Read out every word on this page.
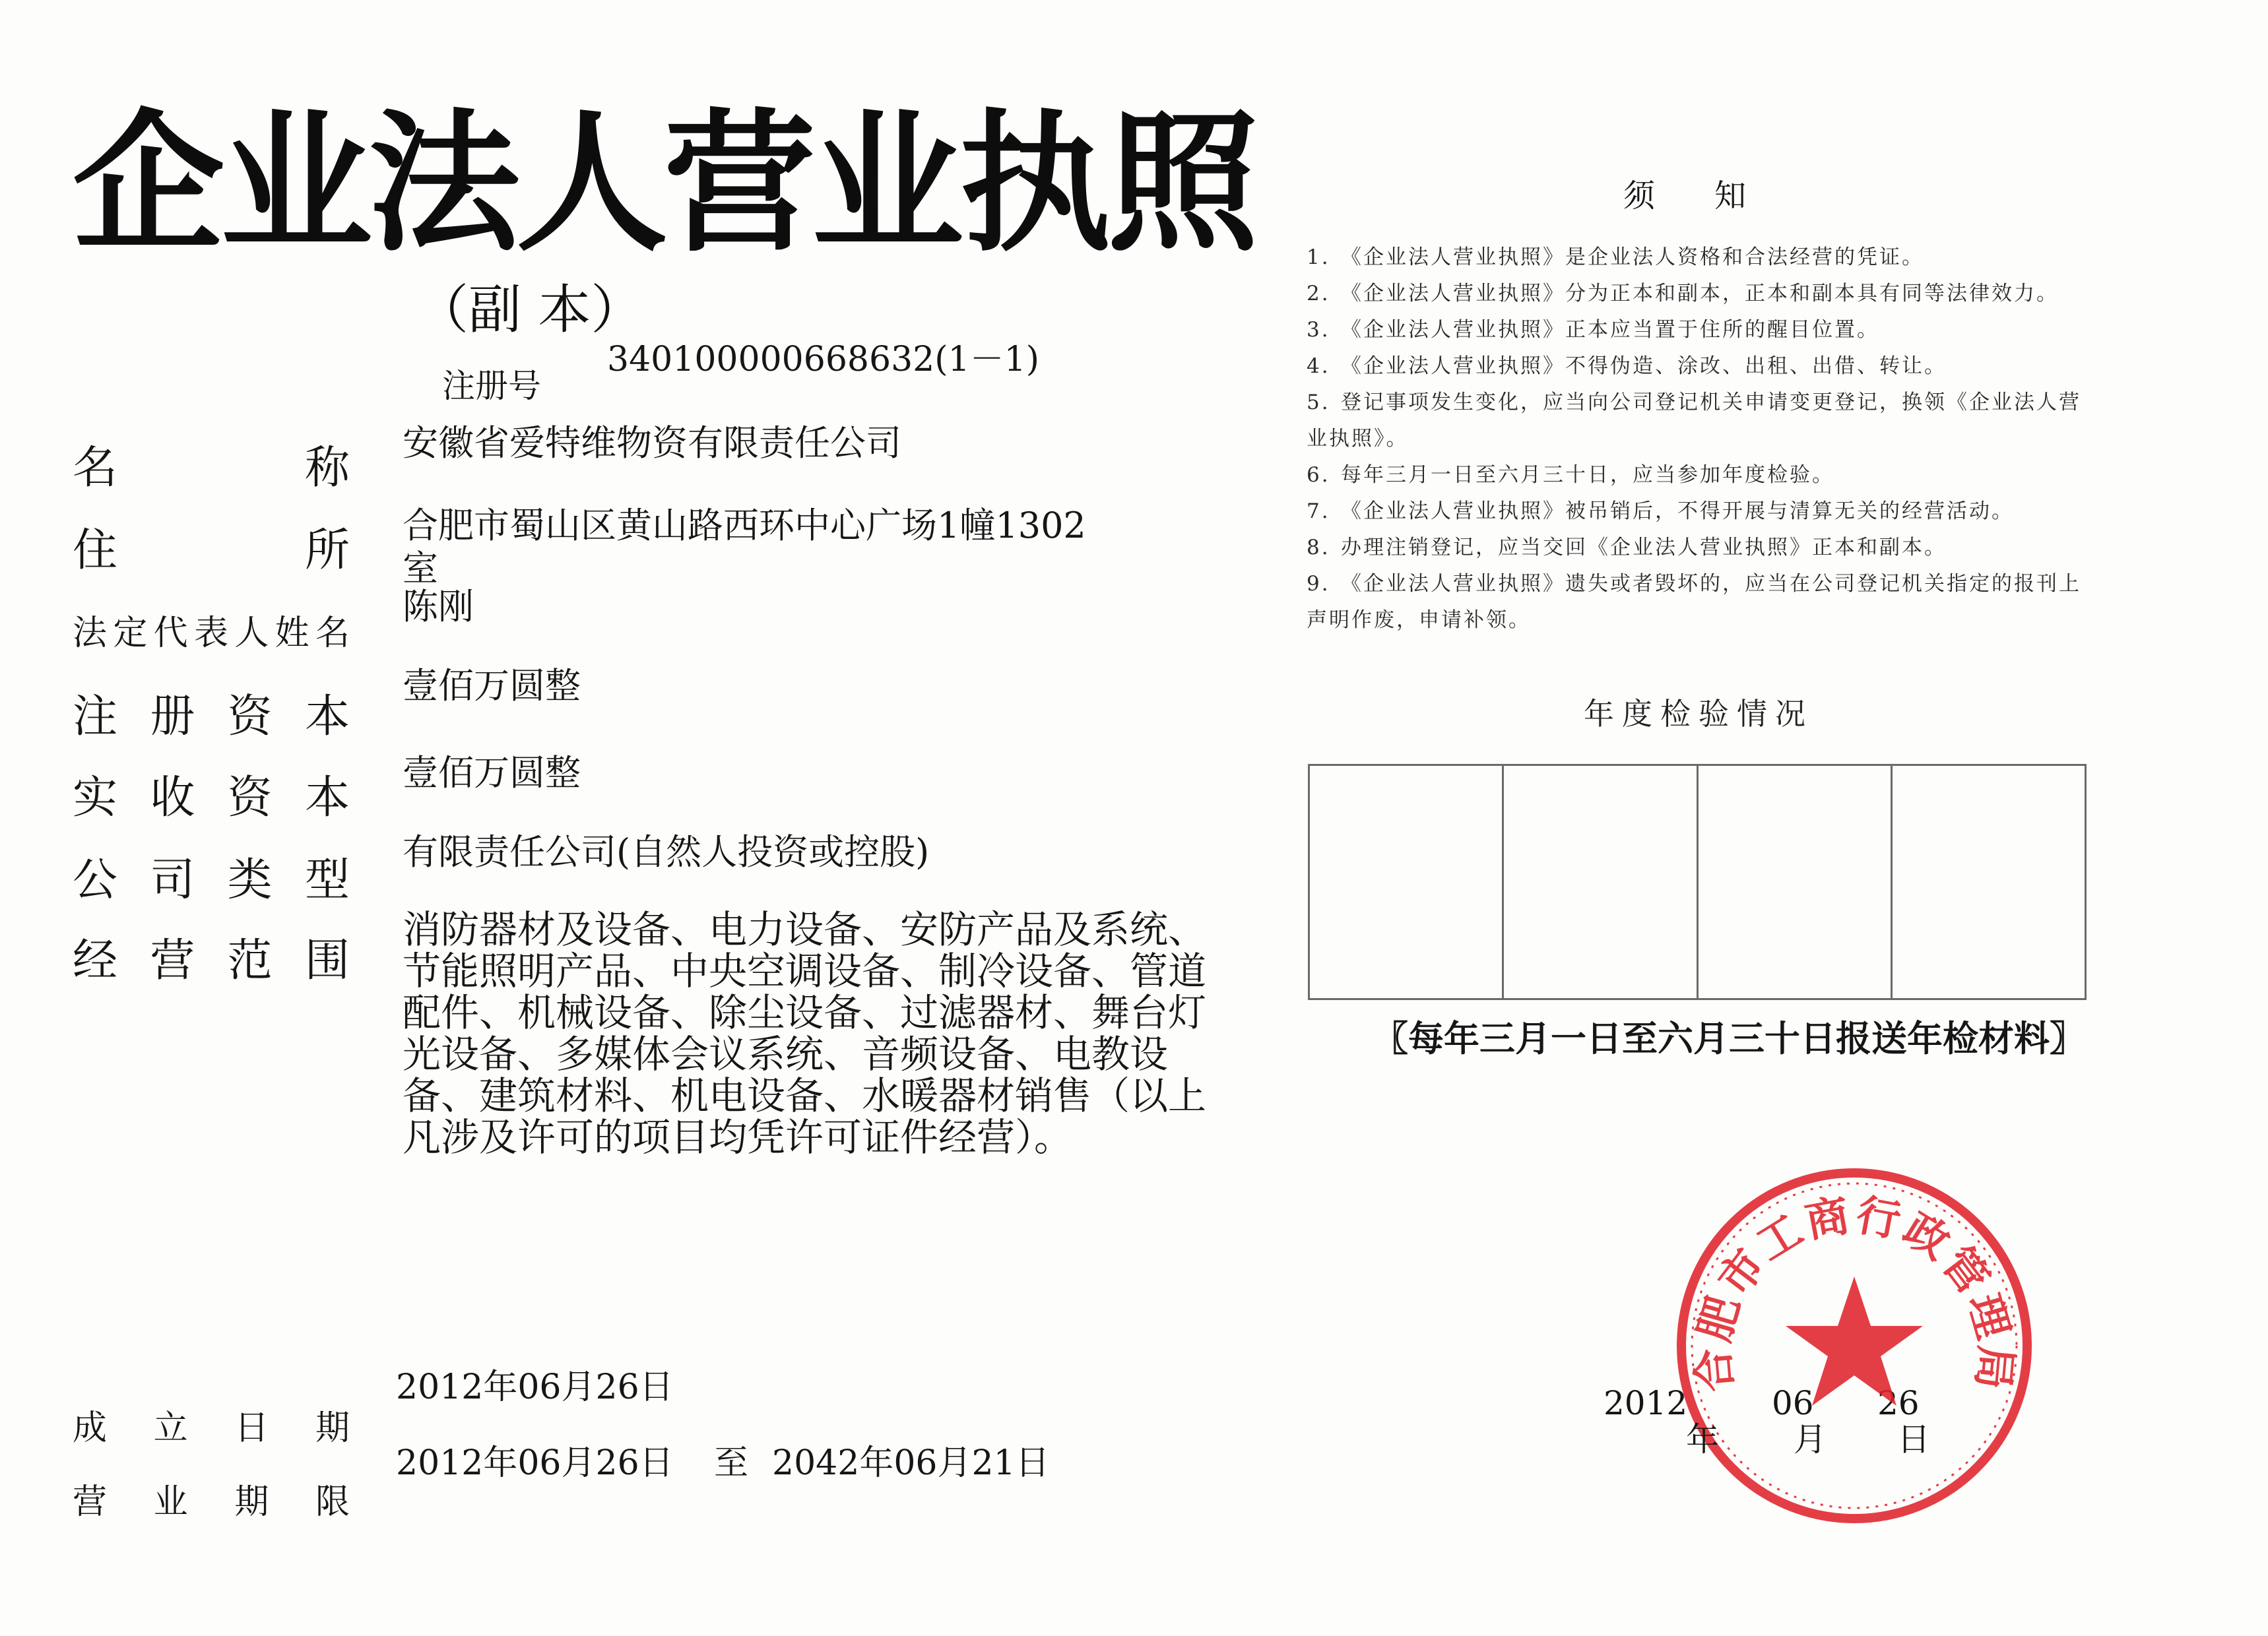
企业法人营业执照
（副 本）
注册号
340100000668632(1－1)
名称 安徽省爱特维物资有限责任公司
住所 合肥市蜀山区黄山路西环中心广场1幢1302
室
法定代表人姓名
陈刚
注册资本
壹佰万圆整
实收资本 壹佰万圆整
公司类型
有限责任公司(自然人投资或控股)
经营范围
消防器材及设备、电力设备、安防产品及系统、节能照明产品、中央空调设备、制冷设备、管道配件、机械设备、除尘设备、过滤器材、舞台灯光设备、多媒体会议系统、音频设备、电教设备、建筑材料、机电设备、水暖器材销售（以上凡涉及许可的项目均凭许可证件经营）。
2012年06月26日
成立日期
2012年06月26日 至 2042年06月21日
营业期限
须知
1. 《企业法人营业执照》是企业法人资格和合法经营的凭证。
2. 《企业法人营业执照》分为正本和副本，正本和副本具有同等法律效力。
3. 《企业法人营业执照》正本应当置于住所的醒目位置。
4. 《企业法人营业执照》不得伪造、涂改、出租、出借、转让。
5. 登记事项发生变化，应当向公司登记机关申请变更登记，换领《企业法人营业执照》。
6. 每年三月一日至六月三十日，应当参加年度检验。
7. 《企业法人营业执照》被吊销后，不得开展与清算无关的经营活动。
8. 办理注销登记，应当交回《企业法人营业执照》正本和副本。
9. 《企业法人营业执照》遗失或者毁坏的，应当在公司登记机关指定的报刊上声明作废，申请补领。
年度检验情况
〖每年三月一日至六月三十日报送年检材料〗
2012	06 26
合肥市工商行政管理局
年 月 日
